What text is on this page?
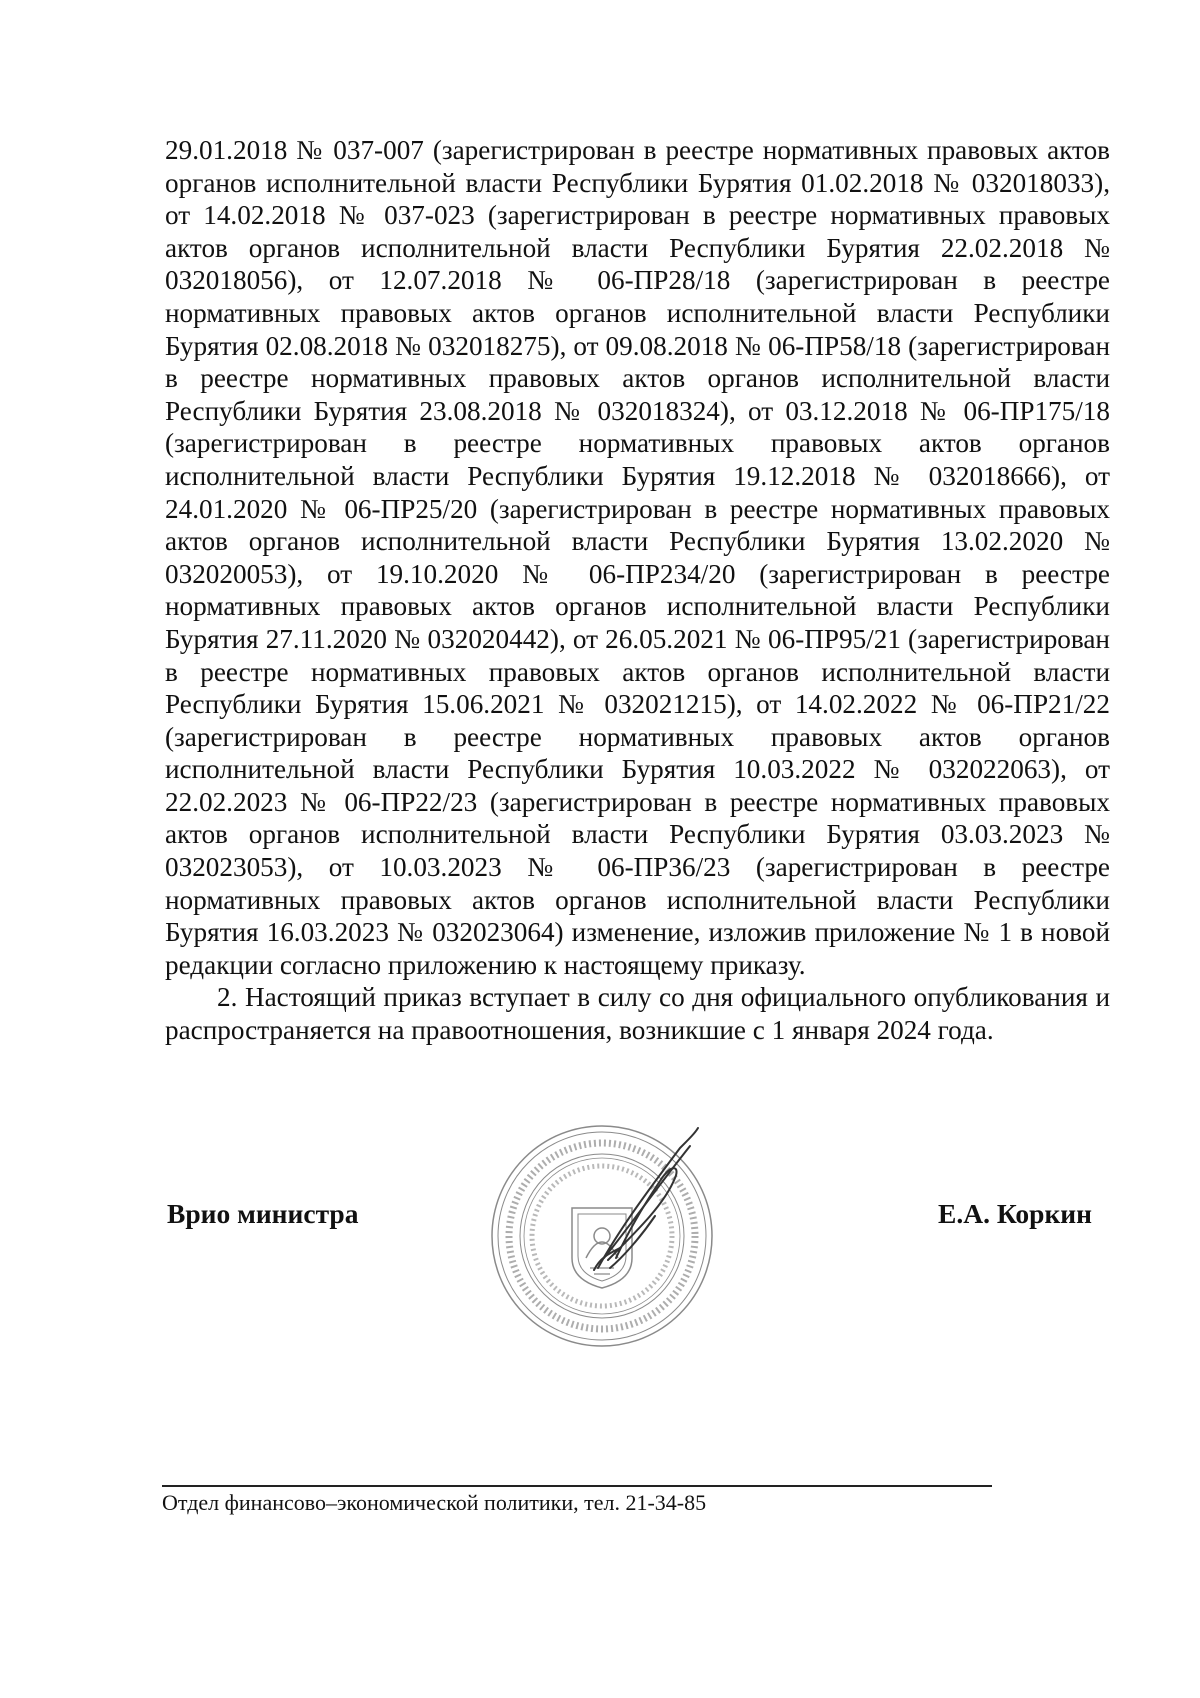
29.01.2018 № 037-007 (зарегистрирован в реестре нормативных правовых актов органов исполнительной власти Республики Бурятия 01.02.2018 № 032018033), от 14.02.2018 № 037-023 (зарегистрирован в реестре нормативных правовых актов органов исполнительной власти Республики Бурятия 22.02.2018 № 032018056), от 12.07.2018 № 06-ПР28/18 (зарегистрирован в реестре нормативных правовых актов органов исполнительной власти Республики Бурятия 02.08.2018 № 032018275), от 09.08.2018 № 06-ПР58/18 (зарегистрирован в реестре нормативных правовых актов органов исполнительной власти Республики Бурятия 23.08.2018 № 032018324), от 03.12.2018 № 06-ПР175/18 (зарегистрирован в реестре нормативных правовых актов органов исполнительной власти Республики Бурятия 19.12.2018 № 032018666), от 24.01.2020 № 06-ПР25/20 (зарегистрирован в реестре нормативных правовых актов органов исполнительной власти Республики Бурятия 13.02.2020 № 032020053), от 19.10.2020 № 06-ПР234/20 (зарегистрирован в реестре нормативных правовых актов органов исполнительной власти Республики Бурятия 27.11.2020 № 032020442), от 26.05.2021 № 06-ПР95/21 (зарегистрирован в реестре нормативных правовых актов органов исполнительной власти Республики Бурятия 15.06.2021 № 032021215), от 14.02.2022 № 06-ПР21/22 (зарегистрирован в реестре нормативных правовых актов органов исполнительной власти Республики Бурятия 10.03.2022 № 032022063), от 22.02.2023 № 06-ПР22/23 (зарегистрирован в реестре нормативных правовых актов органов исполнительной власти Республики Бурятия 03.03.2023 № 032023053), от 10.03.2023 № 06-ПР36/23 (зарегистрирован в реестре нормативных правовых актов органов исполнительной власти Республики Бурятия 16.03.2023 № 032023064) изменение, изложив приложение № 1 в новой редакции согласно приложению к настоящему приказу.

2. Настоящий приказ вступает в силу со дня официального опубликования и распространяется на правоотношения, возникшие с 1 января 2024 года.

Врио министра	Е.А. Коркин

Отдел финансово–экономической политики, тел. 21-34-85
